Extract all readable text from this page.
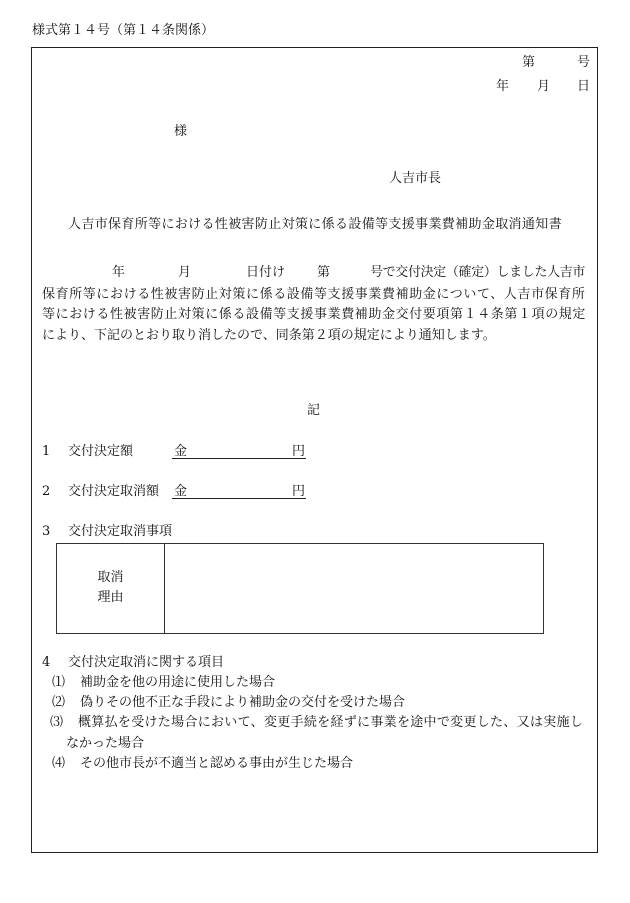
様式第１４号（第１４条関係）
第	号
年 月 日
様
人吉市長
人吉市保育所等における性被害防止対策に係る設備等支援事業費補助金取消通知書
年	月	日付け 第	号で交付決定（確定）しました人吉市
保育所等における性被害防止対策に係る設備等支援事業費補助金について、人吉市保育所
等における性被害防止対策に係る設備等支援事業費補助金交付要項第１４条第１項の規定
により、下記のとおり取り消したので、同条第２項の規定により通知します。
記
1 交付決定額	金	円
2 交付決定取消額 金	円
3 交付決定取消事項
取消
理由
4 交付決定取消に関する項目
⑴ 補助金を他の用途に使用した場合
⑵ 偽りその他不正な手段により補助金の交付を受けた場合
⑶ 概算払を受けた場合において、変更手続を経ずに事業を途中で変更した、又は実施し
なかった場合
⑷ その他市長が不適当と認める事由が生じた場合
